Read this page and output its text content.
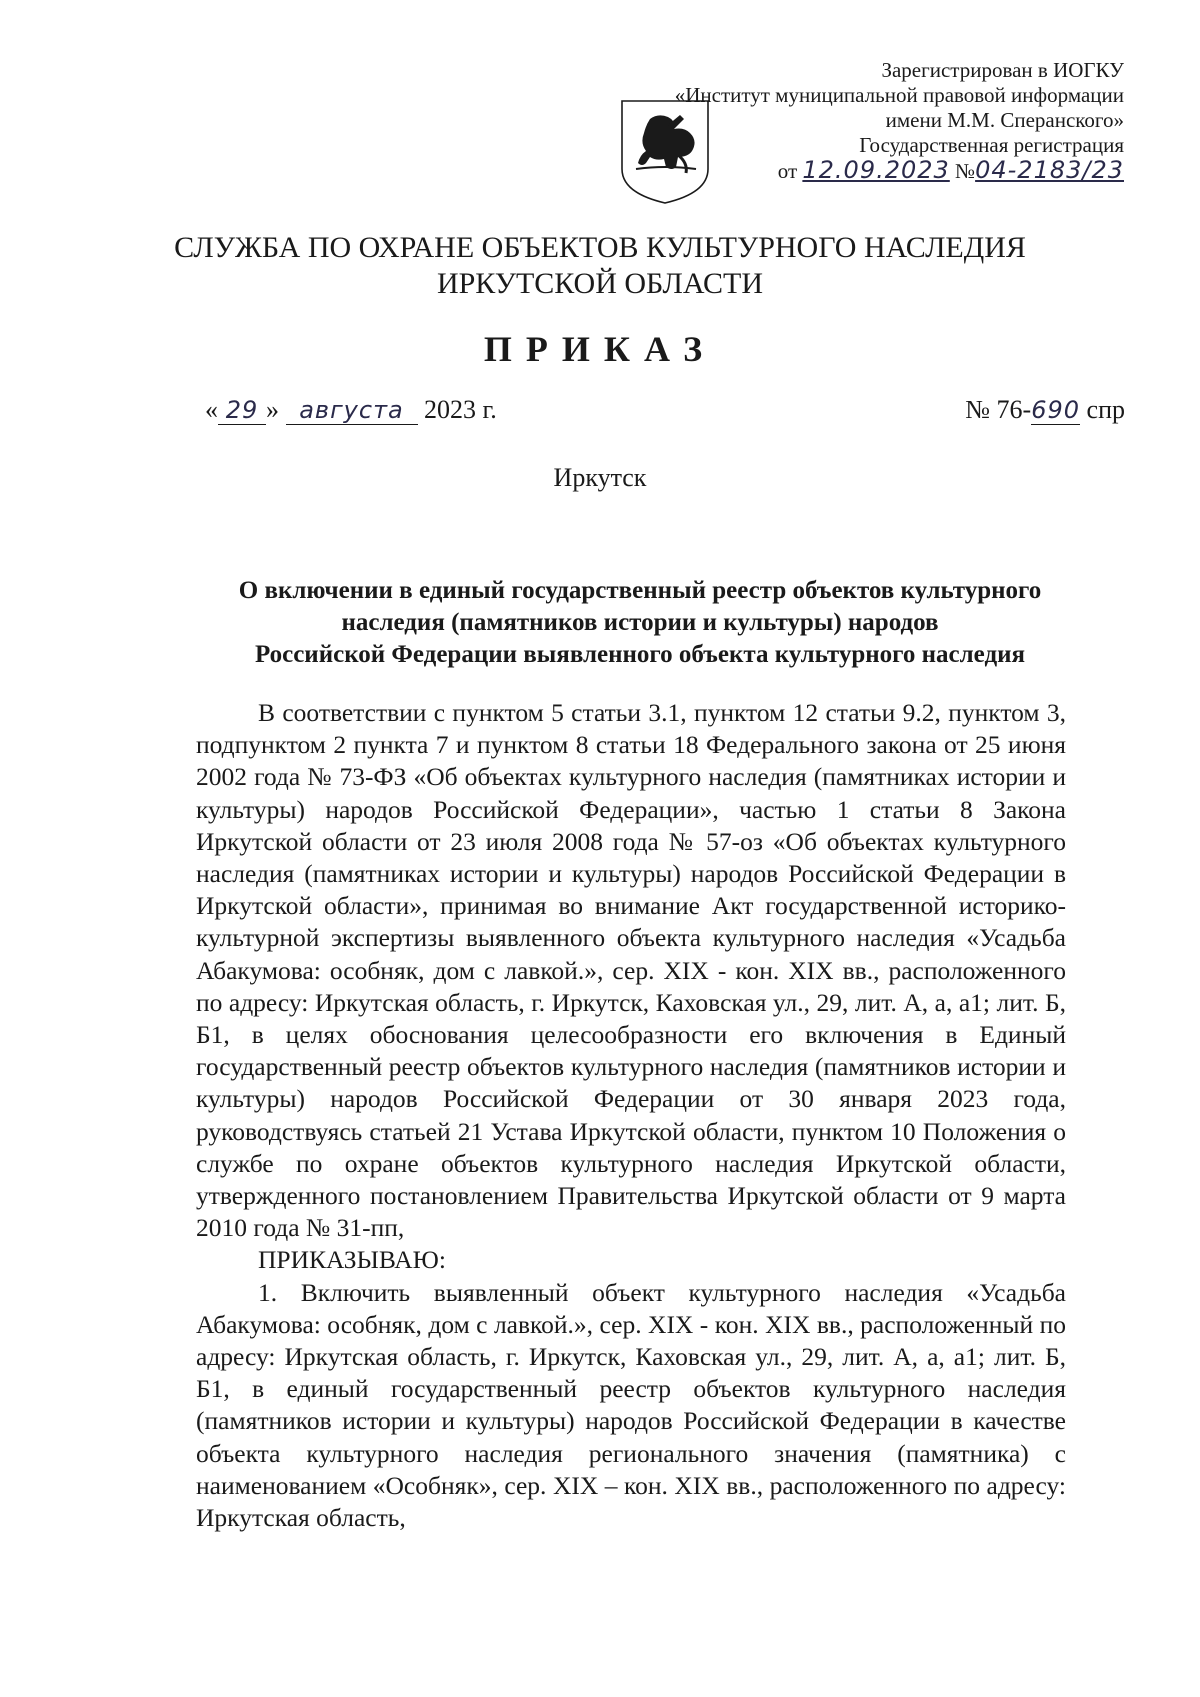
Зарегистрирован в ИОГКУ
«Институт муниципальной правовой информации
имени М.М. Сперанского»
Государственная регистрация
от 12.09.2023 №04-2183/23
СЛУЖБА ПО ОХРАНЕ ОБЪЕКТОВ КУЛЬТУРНОГО НАСЛЕДИЯ
ИРКУТСКОЙ ОБЛАСТИ
ПРИКАЗ
« 29 » августа 2023 г.	№ 76-690 спр
Иркутск
О включении в единый государственный реестр объектов культурного
наследия (памятников истории и культуры) народов
Российской Федерации выявленного объекта культурного наследия

В соответствии с пунктом 5 статьи 3.1, пунктом 12 статьи 9.2, пунктом 3, подпунктом 2 пункта 7 и пунктом 8 статьи 18 Федерального закона от 25 июня 2002 года № 73-ФЗ «Об объектах культурного наследия (памятниках истории и культуры) народов Российской Федерации», частью 1 статьи 8 Закона Иркутской области от 23 июля 2008 года № 57-оз «Об объектах культурного наследия (памятниках истории и культуры) народов Российской Федерации в Иркутской области», принимая во внимание Акт государственной историко-культурной экспертизы выявленного объекта культурного наследия «Усадьба Абакумова: особняк, дом с лавкой.», сер. XIX - кон. XIX вв., расположенного по адресу: Иркутская область, г. Иркутск, Каховская ул., 29, лит. А, а, а1; лит. Б, Б1, в целях обоснования целесообразности его включения в Единый государственный реестр объектов культурного наследия (памятников истории и культуры) народов Российской Федерации от 30 января 2023 года, руководствуясь статьей 21 Устава Иркутской области, пунктом 10 Положения о службе по охране объектов культурного наследия Иркутской области, утвержденного постановлением Правительства Иркутской области от 9 марта 2010 года № 31-пп,

ПРИКАЗЫВАЮ:

1. Включить выявленный объект культурного наследия «Усадьба Абакумова: особняк, дом с лавкой.», сер. XIX - кон. XIX вв., расположенный по адресу: Иркутская область, г. Иркутск, Каховская ул., 29, лит. А, а, а1; лит. Б, Б1, в единый государственный реестр объектов культурного наследия (памятников истории и культуры) народов Российской Федерации в качестве объекта культурного наследия регионального значения (памятника) с наименованием «Особняк», сер. XIX – кон. XIX вв., расположенного по адресу: Иркутская область,
